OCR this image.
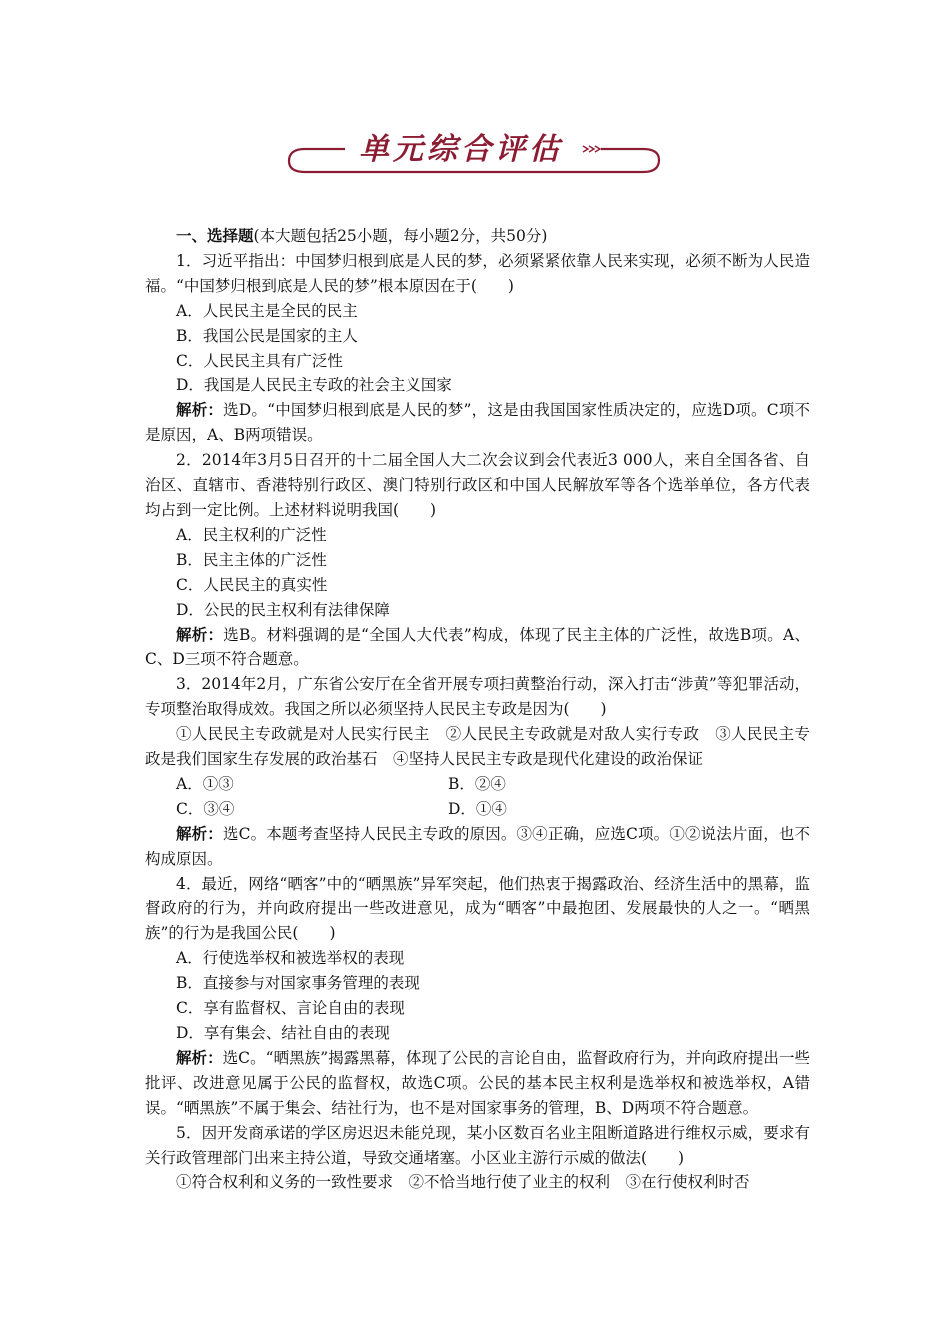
单元综合评估

一、选择题(本大题包括25小题，每小题2分，共50分)

1．习近平指出：中国梦归根到底是人民的梦，必须紧紧依靠人民来实现，必须不断为人民造福。“中国梦归根到底是人民的梦”根本原因在于(　　)

A．人民民主是全民的民主

B．我国公民是国家的主人

C．人民民主具有广泛性

D．我国是人民民主专政的社会主义国家

解析：选D。“中国梦归根到底是人民的梦”，这是由我国国家性质决定的，应选D项。C项不是原因，A、B两项错误。

2．2014年3月5日召开的十二届全国人大二次会议到会代表近3 000人，来自全国各省、自治区、直辖市、香港特别行政区、澳门特别行政区和中国人民解放军等各个选举单位，各方代表均占到一定比例。上述材料说明我国(　　)

A．民主权利的广泛性

B．民主主体的广泛性

C．人民民主的真实性

D．公民的民主权利有法律保障

解析：选B。材料强调的是“全国人大代表”构成，体现了民主主体的广泛性，故选B项。A、C、D三项不符合题意。

3．2014年2月，广东省公安厅在全省开展专项扫黄整治行动，深入打击“涉黄”等犯罪活动，专项整治取得成效。我国之所以必须坚持人民民主专政是因为(　　)

①人民民主专政就是对人民实行民主　②人民民主专政就是对敌人实行专政　③人民民主专政是我们国家生存发展的政治基石　④坚持人民民主专政是现代化建设的政治保证

A．①③	B．②④
C．③④	D．①④

解析：选C。本题考查坚持人民民主专政的原因。③④正确，应选C项。①②说法片面，也不构成原因。

4．最近，网络“晒客”中的“晒黑族”异军突起，他们热衷于揭露政治、经济生活中的黑幕，监督政府的行为，并向政府提出一些改进意见，成为“晒客”中最抱团、发展最快的人之一。“晒黑族”的行为是我国公民(　　)

A．行使选举权和被选举权的表现

B．直接参与对国家事务管理的表现

C．享有监督权、言论自由的表现

D．享有集会、结社自由的表现

解析：选C。“晒黑族”揭露黑幕，体现了公民的言论自由，监督政府行为，并向政府提出一些批评、改进意见属于公民的监督权，故选C项。公民的基本民主权利是选举权和被选举权，A错误。“晒黑族”不属于集会、结社行为，也不是对国家事务的管理，B、D两项不符合题意。

5．因开发商承诺的学区房迟迟未能兑现，某小区数百名业主阻断道路进行维权示威，要求有关行政管理部门出来主持公道，导致交通堵塞。小区业主游行示威的做法(　　)

①符合权利和义务的一致性要求　②不恰当地行使了业主的权利　③在行使权利时否
